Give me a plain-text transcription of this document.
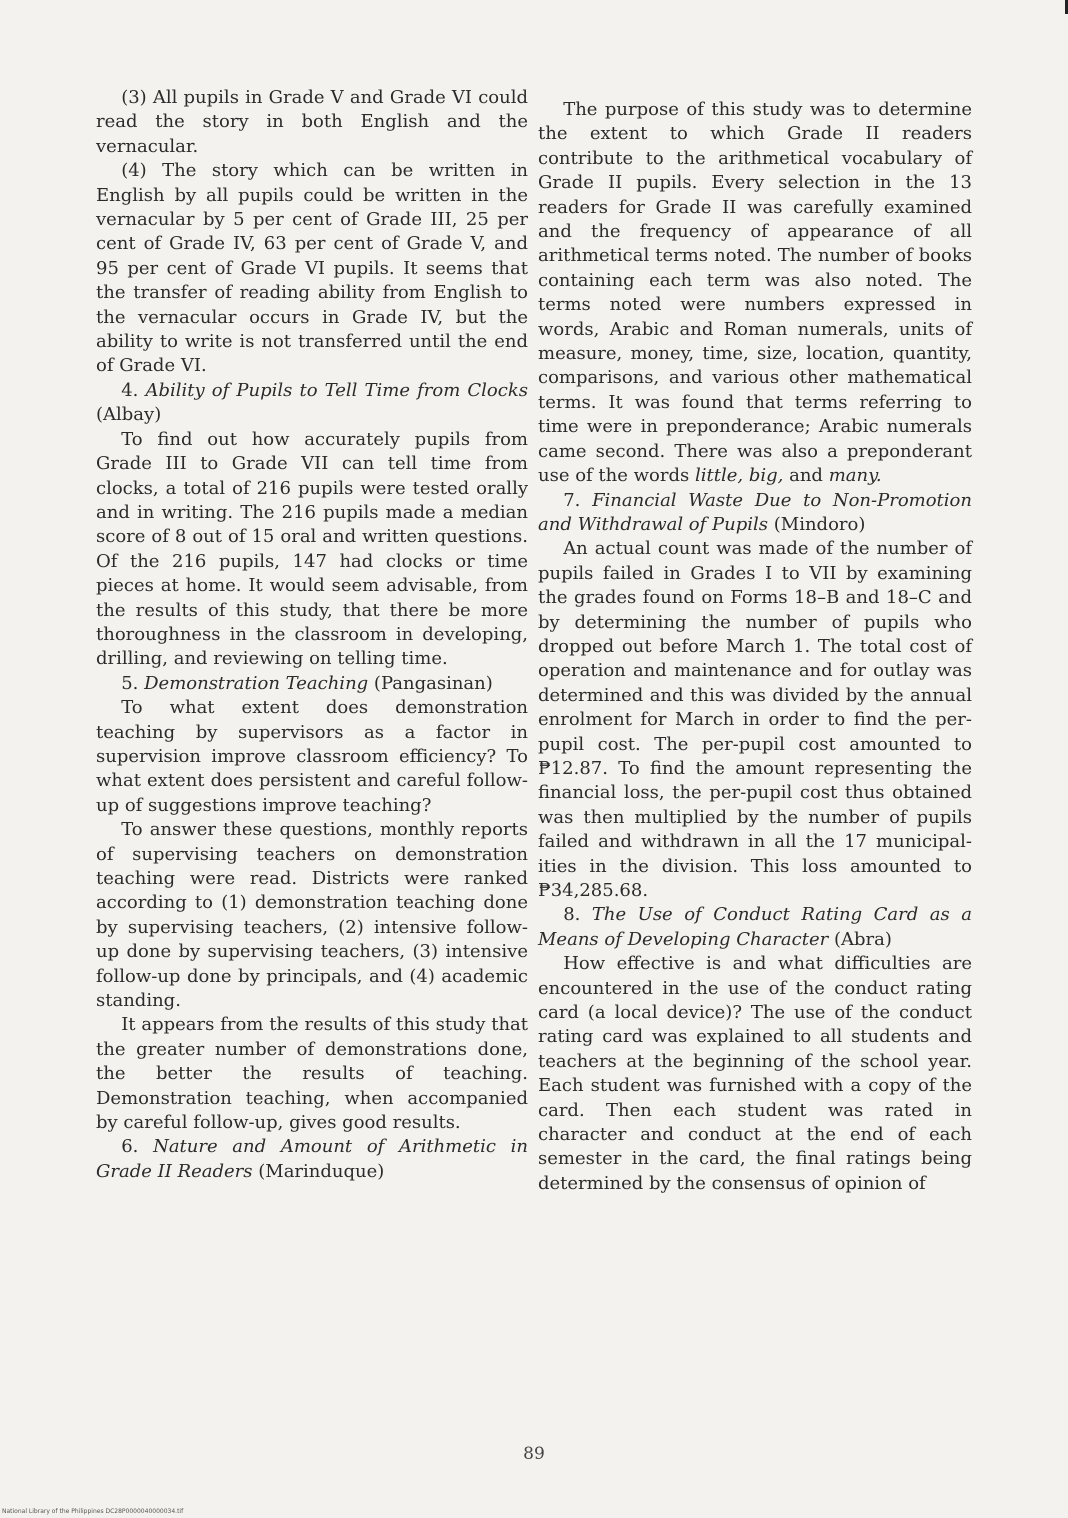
(3) All pupils in Grade V and Grade VI could read the story in both English and the vernacular.

(4) The story which can be written in English by all pupils could be written in the vernacular by 5 per cent of Grade III, 25 per cent of Grade IV, 63 per cent of Grade V, and 95 per cent of Grade VI pupils. It seems that the transfer of reading ability from English to the vernacular occurs in Grade IV, but the ability to write is not transferred until the end of Grade VI.

4. Ability of Pupils to Tell Time from Clocks (Albay)

To find out how accurately pupils from Grade III to Grade VII can tell time from clocks, a total of 216 pupils were tested orally and in writing. The 216 pupils made a median score of 8 out of 15 oral and written questions. Of the 216 pupils, 147 had clocks or time pieces at home. It would seem advisable, from the results of this study, that there be more thoroughness in the classroom in developing, drilling, and reviewing on telling time.

5. Demonstration Teaching (Pangasinan)

To what extent does demonstration teaching by supervisors as a factor in supervision improve classroom efficiency? To what extent does persistent and careful follow-up of suggestions improve teaching?

To answer these questions, monthly reports of supervising teachers on demonstration teaching were read. Districts were ranked according to (1) demonstration teaching done by supervising teachers, (2) intensive follow-up done by supervising teachers, (3) intensive follow-up done by principals, and (4) academic standing.

It appears from the results of this study that the greater number of demonstrations done, the better the results of teaching. Demonstration teaching, when accompanied by careful follow-up, gives good results.

6. Nature and Amount of Arithmetic in Grade II Readers (Marinduque)

The purpose of this study was to determine the extent to which Grade II readers contribute to the arithmetical vocabulary of Grade II pupils. Every selection in the 13 readers for Grade II was carefully examined and the frequency of appearance of all arithmetical terms noted. The number of books containing each term was also noted. The terms noted were numbers expressed in words, Arabic and Roman numerals, units of measure, money, time, size, location, quantity, comparisons, and various other mathematical terms. It was found that terms referring to time were in preponderance; Arabic numerals came second. There was also a preponderant use of the words little, big, and many.

7. Financial Waste Due to Non-Promotion and Withdrawal of Pupils (Mindoro)

An actual count was made of the number of pupils failed in Grades I to VII by examining the grades found on Forms 18–B and 18–C and by determining the number of pupils who dropped out before March 1. The total cost of operation and maintenance and for outlay was determined and this was divided by the annual enrolment for March in order to find the per-pupil cost. The per-pupil cost amounted to ₱12.87. To find the amount representing the financial loss, the per-pupil cost thus obtained was then multiplied by the number of pupils failed and withdrawn in all the 17 municipalities in the division. This loss amounted to ₱34,285.68.

8. The Use of Conduct Rating Card as a Means of Developing Character (Abra)

How effective is and what difficulties are encountered in the use of the conduct rating card (a local device)? The use of the conduct rating card was explained to all students and teachers at the beginning of the school year. Each student was furnished with a copy of the card. Then each student was rated in character and conduct at the end of each semester in the card, the final ratings being determined by the consensus of opinion of

89
National Library of the Philippines DC28P0000040000034.tif
